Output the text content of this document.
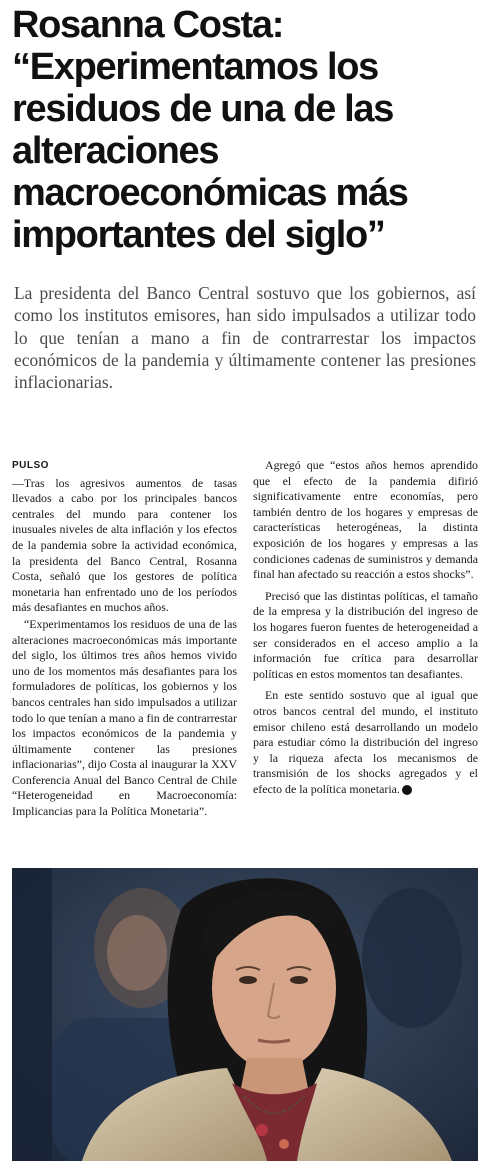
Rosanna Costa:
“Experimentamos los
residuos de una de las
alteraciones
macroeconómicas más
importantes del siglo”

La presidenta del Banco Central sostuvo que los gobiernos, así como los institutos emisores, han sido impulsados a utilizar todo lo que tenían a mano a fin de contrarrestar los impactos económicos de la pandemia y últimamente contener las presiones inflacionarias.

PULSO

—Tras los agresivos aumentos de tasas llevados a cabo por los principales bancos centrales del mundo para contener los inusuales niveles de alta inflación y los efectos de la pandemia sobre la actividad económica, la presidenta del Banco Central, Rosanna Costa, señaló que los gestores de política monetaria han enfrentado uno de los períodos más desafiantes en muchos años.

“Experimentamos los residuos de una de las alteraciones macroeconómicas más importante del siglo, los últimos tres años hemos vivido uno de los momentos más desafiantes para los formuladores de políticas, los gobiernos y los bancos centrales han sido impulsados a utilizar todo lo que tenían a mano a fin de contrarrestar los impactos económicos de la pandemia y últimamente contener las presiones inflacionarias”, dijo Costa al inaugurar la XXV Conferencia Anual del Banco Central de Chile “Heterogeneidad en Macroeconomía: Implicancias para la Política Monetaria”.

Agregó que “estos años hemos aprendido que el efecto de la pandemia difirió significativamente entre economías, pero también dentro de los hogares y empresas de características heterogéneas, la distinta exposición de los hogares y empresas a las condiciones cadenas de suministros y demanda final han afectado su reacción a estos shocks”.

Precisó que las distintas políticas, el tamaño de la empresa y la distribución del ingreso de los hogares fueron fuentes de heterogeneidad a ser considerados en el acceso amplio a la información fue crítica para desarrollar políticas en estos momentos tan desafiantes.

En este sentido sostuvo que al igual que otros bancos central del mundo, el instituto emisor chileno está desarrollando un modelo para estudiar cómo la distribución del ingreso y la riqueza afecta los mecanismos de transmisión de los shocks agregados y el efecto de la política monetaria. P
